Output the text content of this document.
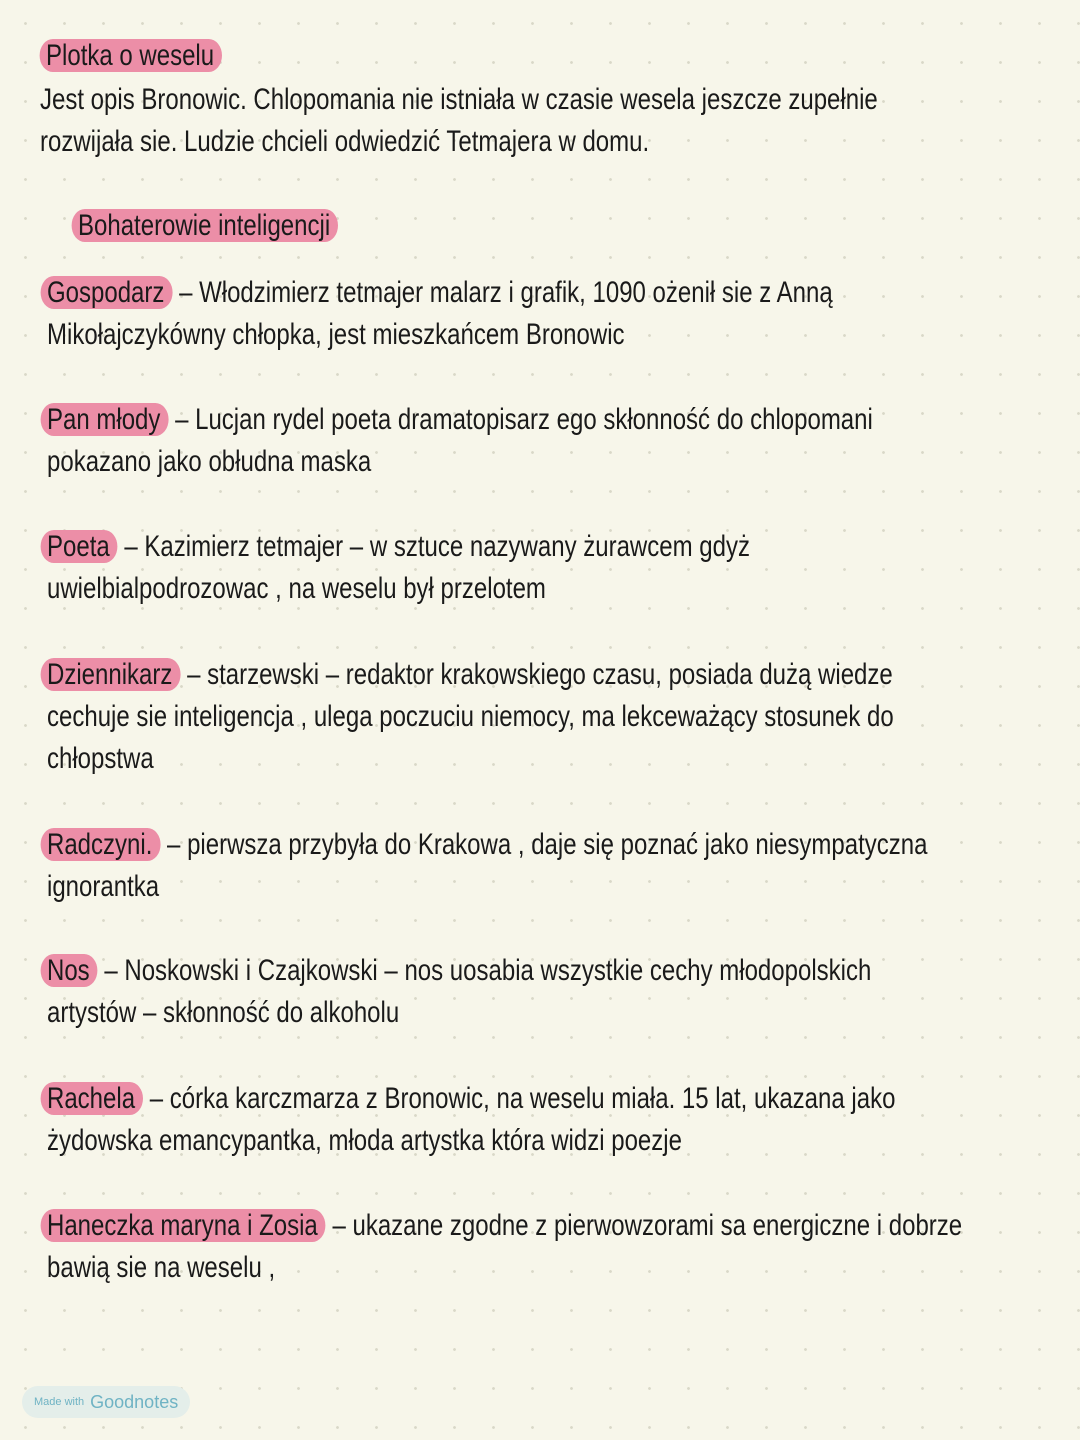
Plotka o weselu
Jest opis Bronowic. Chlopomania nie istniała w czasie wesela jeszcze zupełnie
rozwijała sie. Ludzie chcieli odwiedzić Tetmajera w domu.
Bohaterowie inteligencji
Gospodarz – Włodzimierz tetmajer malarz i grafik, 1090 ożenił sie z Anną
Mikołajczykówny chłopka, jest mieszkańcem Bronowic
Pan młody – Lucjan rydel poeta dramatopisarz ego skłonność do chlopomani
pokazano jako obłudna maska
Poeta – Kazimierz tetmajer – w sztuce nazywany żurawcem gdyż
uwielbialpodrozowac , na weselu był przelotem
Dziennikarz – starzewski – redaktor krakowskiego czasu, posiada dużą wiedze
cechuje sie inteligencja , ulega poczuciu niemocy, ma lekceważący stosunek do
chłopstwa
Radczyni. – pierwsza przybyła do Krakowa , daje się poznać jako niesympatyczna
ignorantka
Nos – Noskowski i Czajkowski – nos uosabia wszystkie cechy młodopolskich
artystów – skłonność do alkoholu
Rachela – córka karczmarza z Bronowic, na weselu miała. 15 lat, ukazana jako
żydowska emancypantka, młoda artystka która widzi poezje
Haneczka maryna i Zosia – ukazane zgodne z pierwowzorami sa energiczne i dobrze
bawią sie na weselu ,
Made with Goodnotes
